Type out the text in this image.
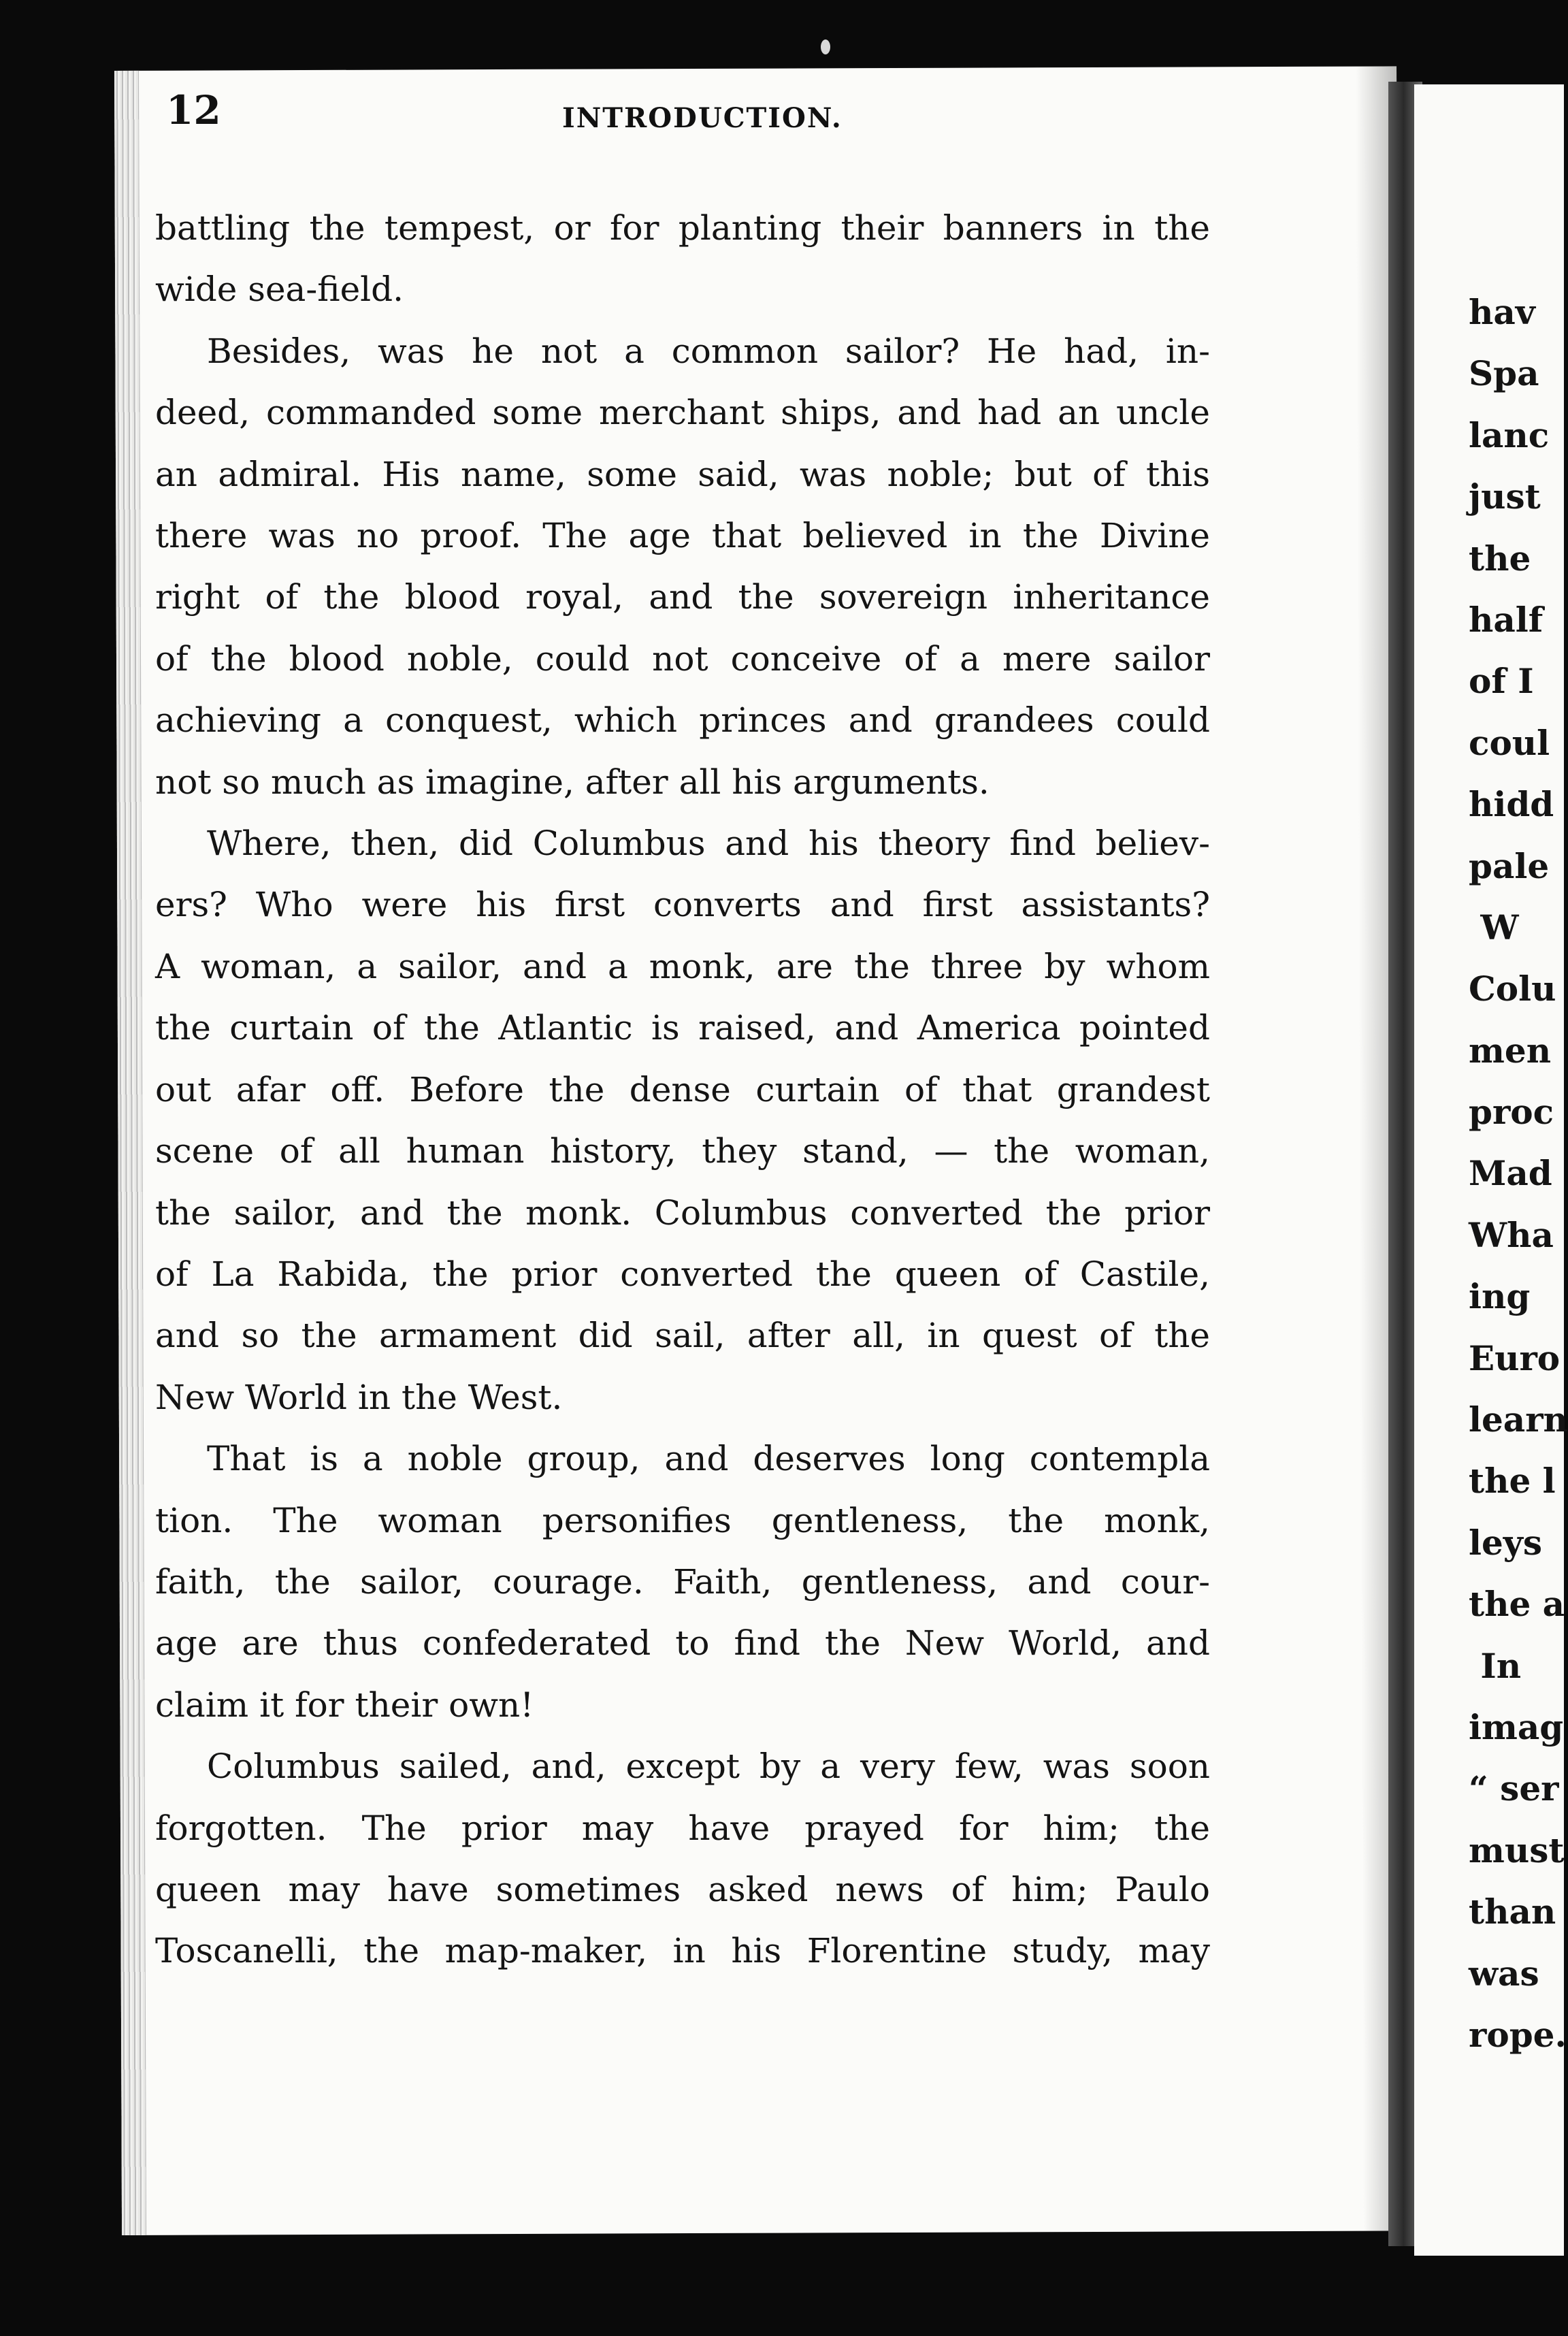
12	INTRODUCTION.

battling the tempest, or for planting their banners in the
wide sea-field.
Besides, was he not a common sailor? He had, in-
deed, commanded some merchant ships, and had an uncle
an admiral. His name, some said, was noble; but of this
there was no proof. The age that believed in the Divine
right of the blood royal, and the sovereign inheritance
of the blood noble, could not conceive of a mere sailor
achieving a conquest, which princes and grandees could
not so much as imagine, after all his arguments.
Where, then, did Columbus and his theory find believ-
ers? Who were his first converts and first assistants?
A woman, a sailor, and a monk, are the three by whom
the curtain of the Atlantic is raised, and America pointed
out afar off. Before the dense curtain of that grandest
scene of all human history, they stand, — the woman,
the sailor, and the monk. Columbus converted the prior
of La Rabida, the prior converted the queen of Castile,
and so the armament did sail, after all, in quest of the
New World in the West.
That is a noble group, and deserves long contempla
tion. The woman personifies gentleness, the monk,
faith, the sailor, courage. Faith, gentleness, and cour-
age are thus confederated to find the New World, and
claim it for their own!
Columbus sailed, and, except by a very few, was soon
forgotten. The prior may have prayed for him; the
queen may have sometimes asked news of him; Paulo
Toscanelli, the map-maker, in his Florentine study, may

hav
Spa
lanc
just
the
half
of I
coul
hidd
pale
W
Colu
men
proc
Mad
Wha
ing
Euro
learn
the l
leys
the a
In
imag
“ ser
must
than
was
rope.
